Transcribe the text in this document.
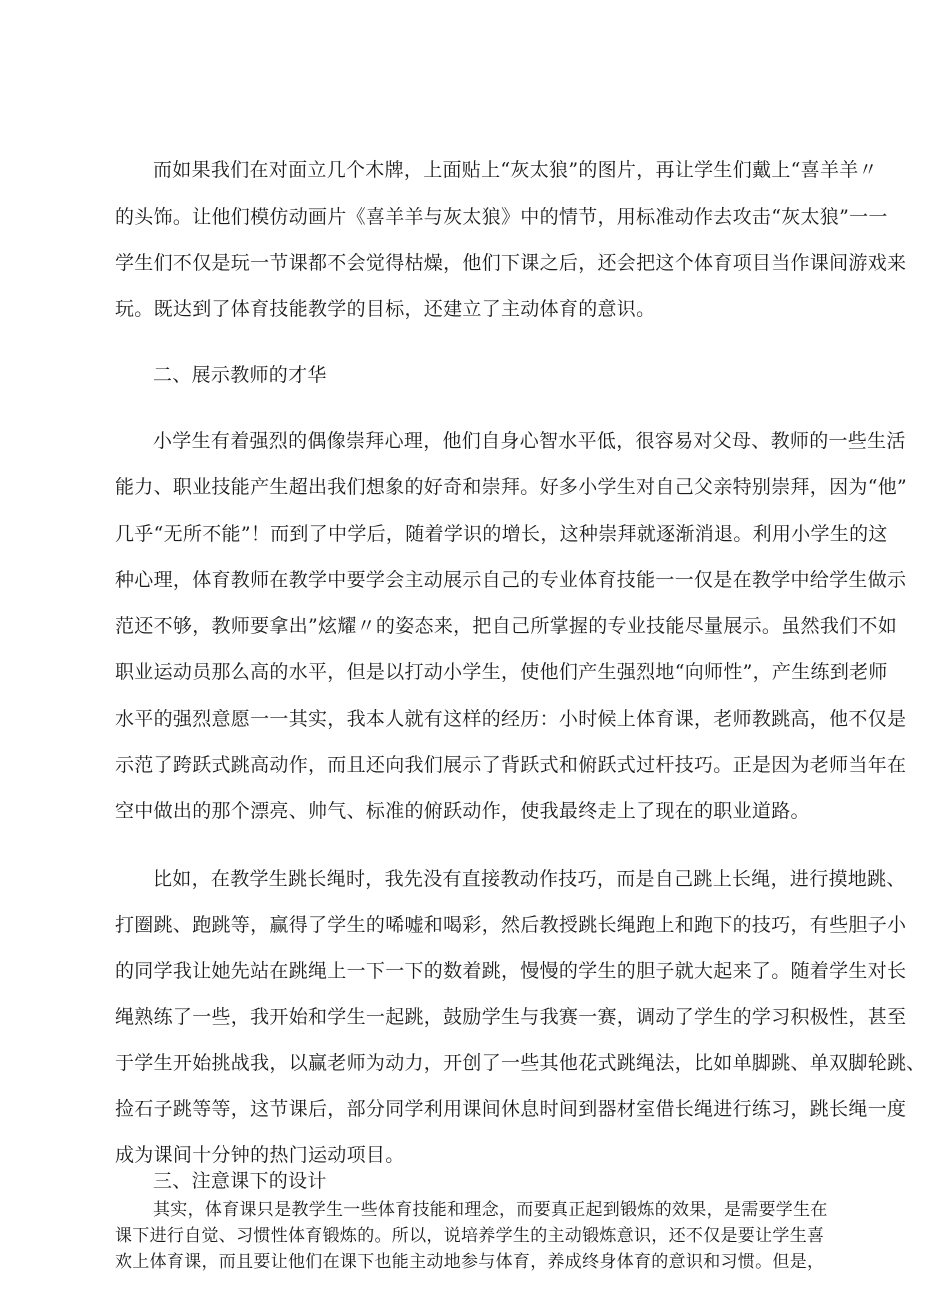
而如果我们在对面立几个木牌，上面贴上“灰太狼”的图片，再让学生们戴上“喜羊羊〃
的头饰。让他们模仿动画片《喜羊羊与灰太狼》中的情节，用标准动作去攻击“灰太狼”一一
学生们不仅是玩一节课都不会觉得枯燥，他们下课之后，还会把这个体育项目当作课间游戏来
玩。既达到了体育技能教学的目标，还建立了主动体育的意识。
二、展示教师的才华
小学生有着强烈的偶像崇拜心理，他们自身心智水平低，很容易对父母、教师的一些生活
能力、职业技能产生超出我们想象的好奇和崇拜。好多小学生对自己父亲特别崇拜，因为“他”
几乎“无所不能”！而到了中学后，随着学识的增长，这种崇拜就逐渐消退。利用小学生的这
种心理，体育教师在教学中要学会主动展示自己的专业体育技能一一仅是在教学中给学生做示
范还不够，教师要拿出”炫耀〃的姿态来，把自己所掌握的专业技能尽量展示。虽然我们不如
职业运动员那么高的水平，但是以打动小学生，使他们产生强烈地“向师性”，产生练到老师
水平的强烈意愿一一其实，我本人就有这样的经历：小时候上体育课，老师教跳高，他不仅是
示范了跨跃式跳高动作，而且还向我们展示了背跃式和俯跃式过杆技巧。正是因为老师当年在
空中做出的那个漂亮、帅气、标准的俯跃动作，使我最终走上了现在的职业道路。
比如，在教学生跳长绳时，我先没有直接教动作技巧，而是自己跳上长绳，进行摸地跳、
打圈跳、跑跳等，赢得了学生的唏嘘和喝彩，然后教授跳长绳跑上和跑下的技巧，有些胆子小
的同学我让她先站在跳绳上一下一下的数着跳，慢慢的学生的胆子就大起来了。随着学生对长
绳熟练了一些，我开始和学生一起跳，鼓励学生与我赛一赛，调动了学生的学习积极性，甚至
于学生开始挑战我，以赢老师为动力，开创了一些其他花式跳绳法，比如单脚跳、单双脚轮跳、
捡石子跳等等，这节课后，部分同学利用课间休息时间到器材室借长绳进行练习，跳长绳一度
成为课间十分钟的热门运动项目。
三、注意课下的设计
其实，体育课只是教学生一些体育技能和理念，而要真正起到锻炼的效果，是需要学生在
课下进行自觉、习惯性体育锻炼的。所以，说培养学生的主动锻炼意识，还不仅是要让学生喜
欢上体育课，而且要让他们在课下也能主动地参与体育，养成终身体育的意识和习惯。但是，
